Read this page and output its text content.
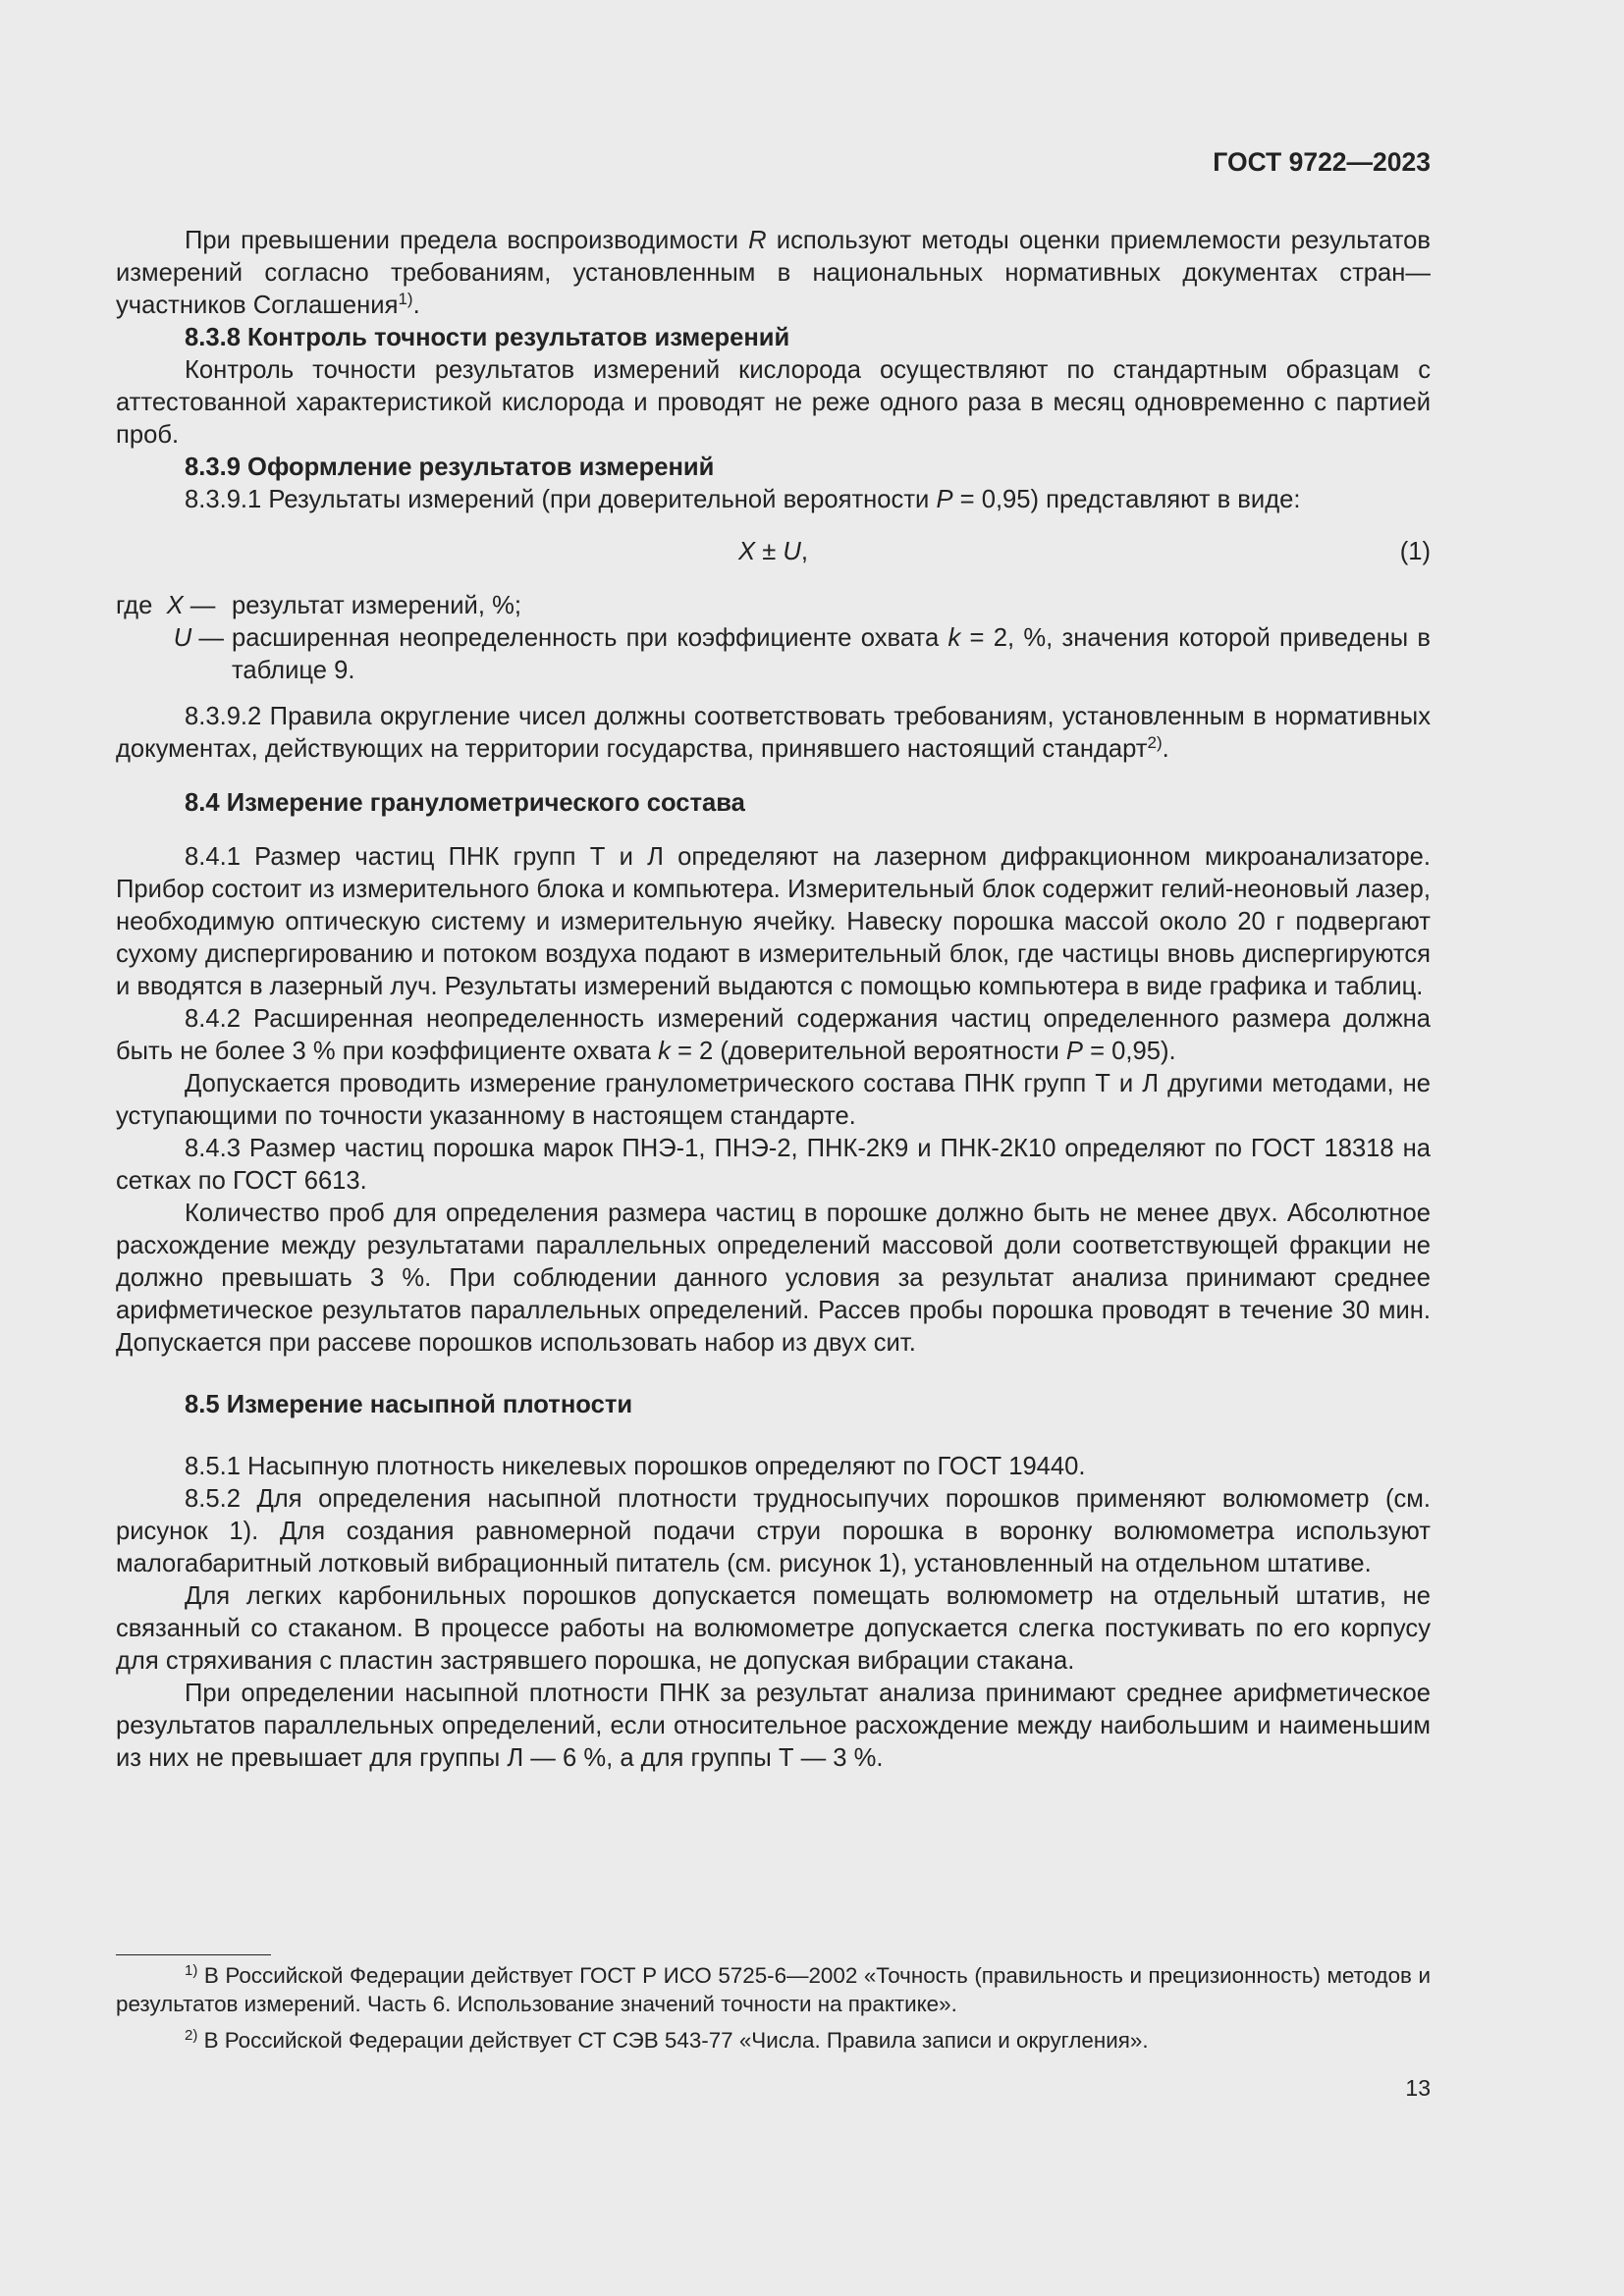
ГОСТ 9722—2023

При превышении предела воспроизводимости R используют методы оценки приемлемости результатов измерений согласно требованиям, установленным в национальных нормативных документах стран—участников Соглашения$^{1)}$.

8.3.8 Контроль точности результатов измерений

Контроль точности результатов измерений кислорода осуществляют по стандартным образцам с аттестованной характеристикой кислорода и проводят не реже одного раза в месяц одновременно с партией проб.

8.3.9 Оформление результатов измерений

8.3.9.1 Результаты измерений (при доверительной вероятности P = 0,95) представляют в виде:

X ± U,	(1)
где X — результат измерений, %;
U — расширенная неопределенность при коэффициенте охвата k = 2, %, значения которой приведены в таблице 9.

8.3.9.2 Правила округление чисел должны соответствовать требованиям, установленным в нормативных документах, действующих на территории государства, принявшего настоящий стандарт$^{2)}$.

8.4 Измерение гранулометрического состава

8.4.1 Размер частиц ПНК групп Т и Л определяют на лазерном дифракционном микроанализаторе. Прибор состоит из измерительного блока и компьютера. Измерительный блок содержит гелий-неоновый лазер, необходимую оптическую систему и измерительную ячейку. Навеску порошка массой около 20 г подвергают сухому диспергированию и потоком воздуха подают в измерительный блок, где частицы вновь диспергируются и вводятся в лазерный луч. Результаты измерений выдаются с помощью компьютера в виде графика и таблиц.

8.4.2 Расширенная неопределенность измерений содержания частиц определенного размера должна быть не более 3 % при коэффициенте охвата k = 2 (доверительной вероятности P = 0,95).

Допускается проводить измерение гранулометрического состава ПНК групп Т и Л другими методами, не уступающими по точности указанному в настоящем стандарте.

8.4.3 Размер частиц порошка марок ПНЭ-1, ПНЭ-2, ПНК-2К9 и ПНК-2К10 определяют по ГОСТ 18318 на сетках по ГОСТ 6613.

Количество проб для определения размера частиц в порошке должно быть не менее двух. Абсолютное расхождение между результатами параллельных определений массовой доли соответствующей фракции не должно превышать 3 %. При соблюдении данного условия за результат анализа принимают среднее арифметическое результатов параллельных определений. Рассев пробы порошка проводят в течение 30 мин. Допускается при рассеве порошков использовать набор из двух сит.

8.5 Измерение насыпной плотности

8.5.1 Насыпную плотность никелевых порошков определяют по ГОСТ 19440.

8.5.2 Для определения насыпной плотности трудносыпучих порошков применяют волюмометр (см. рисунок 1). Для создания равномерной подачи струи порошка в воронку волюмометра используют малогабаритный лотковый вибрационный питатель (см. рисунок 1), установленный на отдельном штативе.

Для легких карбонильных порошков допускается помещать волюмометр на отдельный штатив, не связанный со стаканом. В процессе работы на волюмометре допускается слегка постукивать по его корпусу для стряхивания с пластин застрявшего порошка, не допуская вибрации стакана.

При определении насыпной плотности ПНК за результат анализа принимают среднее арифметическое результатов параллельных определений, если относительное расхождение между наибольшим и наименьшим из них не превышает для группы Л — 6 %, а для группы Т — 3 %.

$^{1)}$ В Российской Федерации действует ГОСТ Р ИСО 5725-6—2002 «Точность (правильность и прецизионность) методов и результатов измерений. Часть 6. Использование значений точности на практике».

$^{2)}$ В Российской Федерации действует СТ СЭВ 543-77 «Числа. Правила записи и округления».

13
